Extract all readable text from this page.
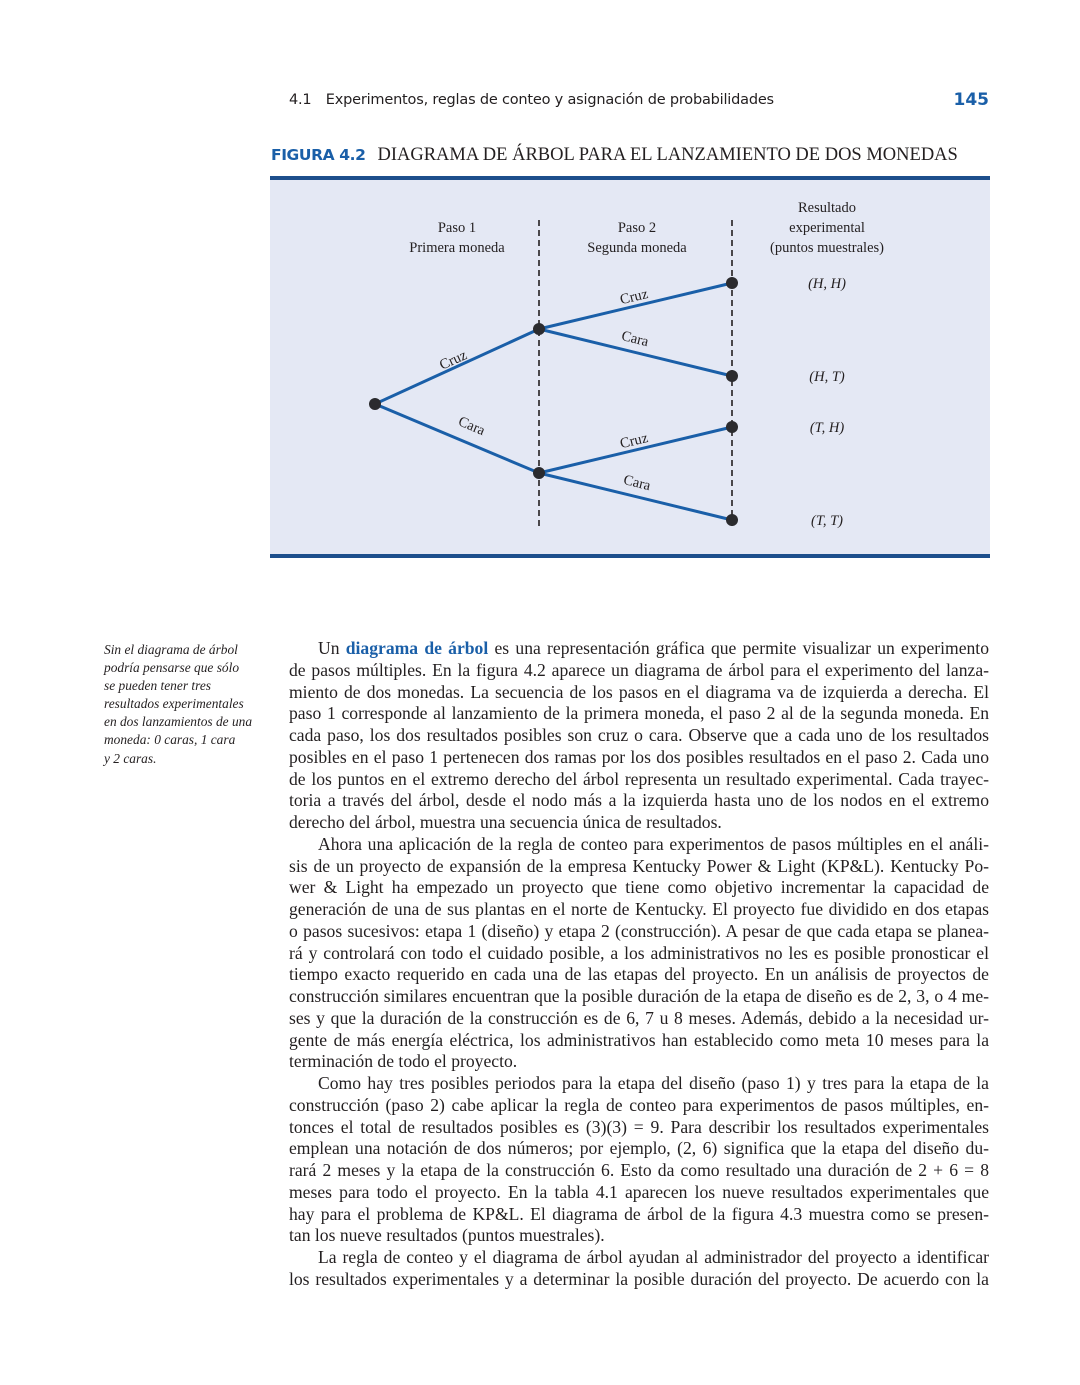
4.1 Experimentos, reglas de conteo y asignación de probabilidades	145
FIGURA 4.2 DIAGRAMA DE ÁRBOL PARA EL LANZAMIENTO DE DOS MONEDAS
Paso 1
Primera moneda
Paso 2
Segunda moneda
Resultado
experimental
(puntos muestrales)
Cruz
Cara
Cruz
Cara
Cruz
Cara
(H, H)
(H, T)
(T, H)
(T, T)
Sin el diagrama de árbol
podría pensarse que sólo
se pueden tener tres
resultados experimentales
en dos lanzamientos de una
moneda: 0 caras, 1 cara
y 2 caras.
Un diagrama de árbol es una representación gráfica que permite visualizar un experimento
de pasos múltiples. En la figura 4.2 aparece un diagrama de árbol para el experimento del lanza-
miento de dos monedas. La secuencia de los pasos en el diagrama va de izquierda a derecha. El
paso 1 corresponde al lanzamiento de la primera moneda, el paso 2 al de la segunda moneda. En
cada paso, los dos resultados posibles son cruz o cara. Observe que a cada uno de los resultados
posibles en el paso 1 pertenecen dos ramas por los dos posibles resultados en el paso 2. Cada uno
de los puntos en el extremo derecho del árbol representa un resultado experimental. Cada trayec-
toria a través del árbol, desde el nodo más a la izquierda hasta uno de los nodos en el extremo
derecho del árbol, muestra una secuencia única de resultados.
Ahora una aplicación de la regla de conteo para experimentos de pasos múltiples en el análi-
sis de un proyecto de expansión de la empresa Kentucky Power & Light (KP&L). Kentucky Po-
wer & Light ha empezado un proyecto que tiene como objetivo incrementar la capacidad de
generación de una de sus plantas en el norte de Kentucky. El proyecto fue dividido en dos etapas
o pasos sucesivos: etapa 1 (diseño) y etapa 2 (construcción). A pesar de que cada etapa se planea-
rá y controlará con todo el cuidado posible, a los administrativos no les es posible pronosticar el
tiempo exacto requerido en cada una de las etapas del proyecto. En un análisis de proyectos de
construcción similares encuentran que la posible duración de la etapa de diseño es de 2, 3, o 4 me-
ses y que la duración de la construcción es de 6, 7 u 8 meses. Además, debido a la necesidad ur-
gente de más energía eléctrica, los administrativos han establecido como meta 10 meses para la
terminación de todo el proyecto.
Como hay tres posibles periodos para la etapa del diseño (paso 1) y tres para la etapa de la
construcción (paso 2) cabe aplicar la regla de conteo para experimentos de pasos múltiples, en-
tonces el total de resultados posibles es (3)(3) = 9. Para describir los resultados experimentales
emplean una notación de dos números; por ejemplo, (2, 6) significa que la etapa del diseño du-
rará 2 meses y la etapa de la construcción 6. Esto da como resultado una duración de 2 + 6 = 8
meses para todo el proyecto. En la tabla 4.1 aparecen los nueve resultados experimentales que
hay para el problema de KP&L. El diagrama de árbol de la figura 4.3 muestra como se presen-
tan los nueve resultados (puntos muestrales).
La regla de conteo y el diagrama de árbol ayudan al administrador del proyecto a identificar
los resultados experimentales y a determinar la posible duración del proyecto. De acuerdo con la
